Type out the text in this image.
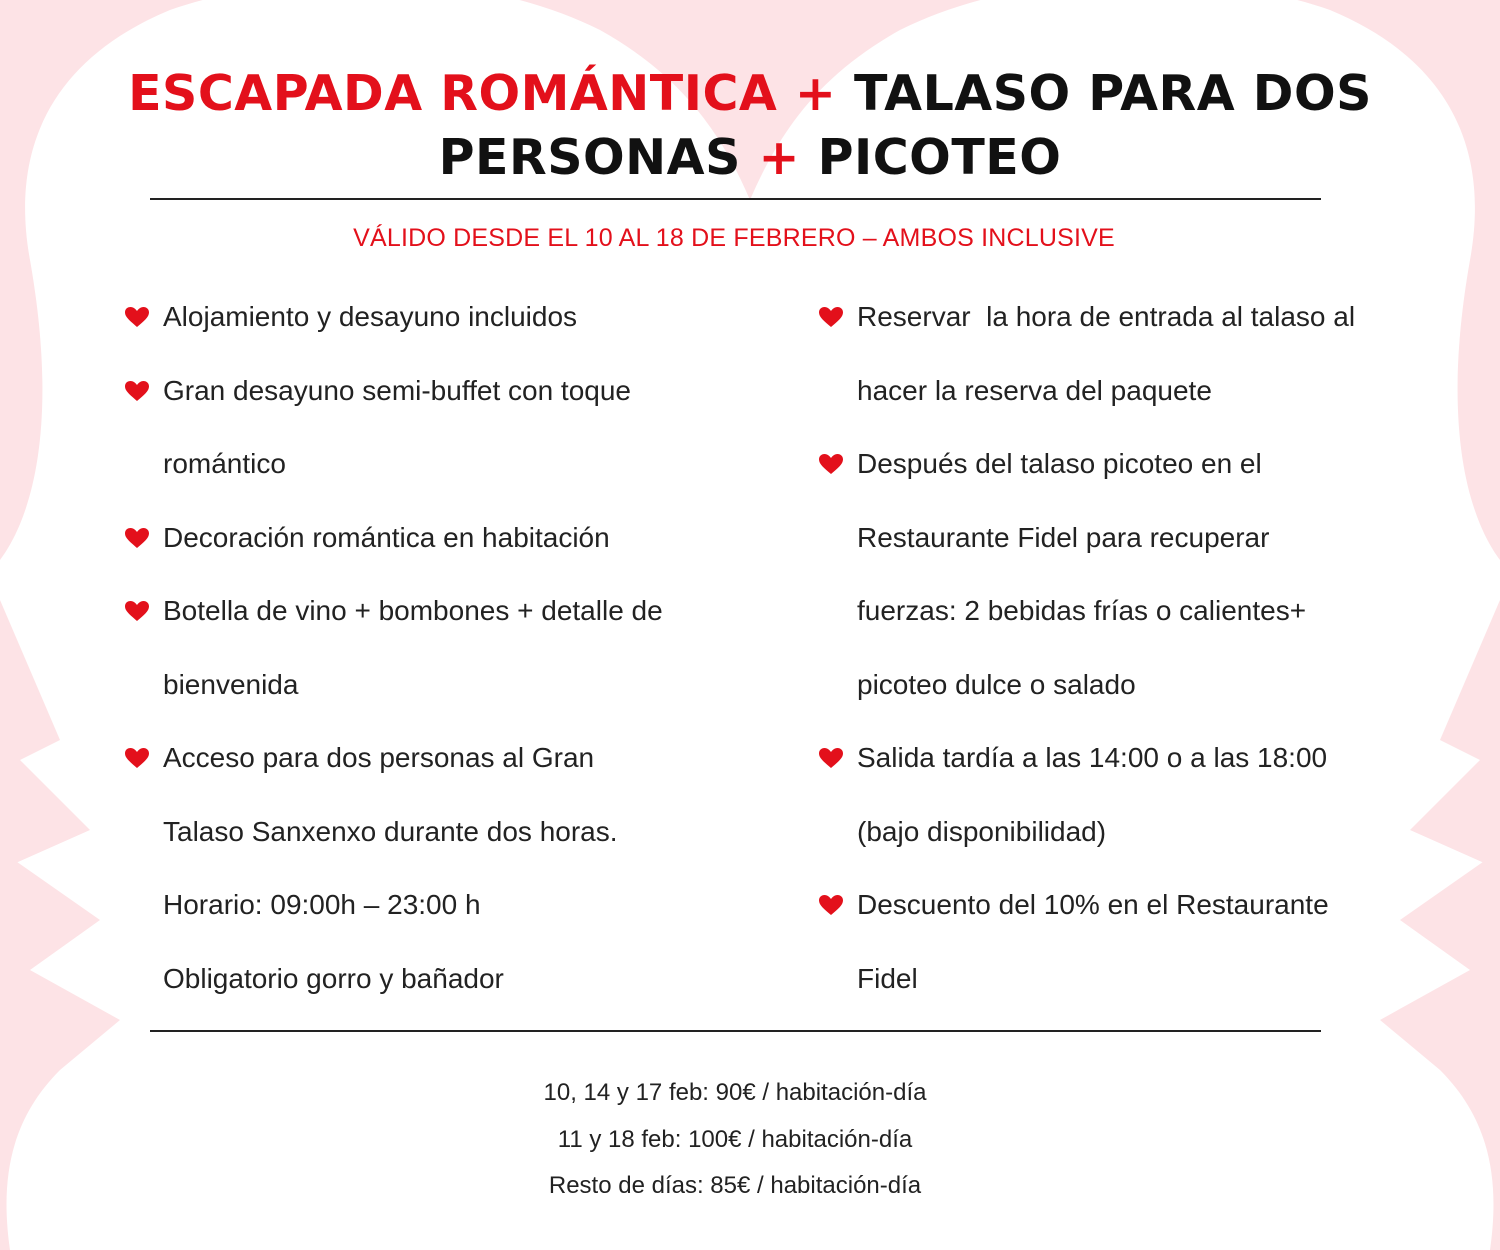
ESCAPADA ROMÁNTICA + TALASO PARA DOS
PERSONAS + PICOTEO
VÁLIDO DESDE EL 10 AL 18 DE FEBRERO – AMBOS INCLUSIVE
Alojamiento y desayuno incluidos
Gran desayuno semi-buffet con toque
romántico
Decoración romántica en habitación
Botella de vino + bombones + detalle de
bienvenida
Acceso para dos personas al Gran
Talaso Sanxenxo durante dos horas.
Horario: 09:00h – 23:00 h
Obligatorio gorro y bañador
Reservar  la hora de entrada al talaso al
hacer la reserva del paquete
Después del talaso picoteo en el
Restaurante Fidel para recuperar
fuerzas: 2 bebidas frías o calientes+
picoteo dulce o salado
Salida tardía a las 14:00 o a las 18:00
(bajo disponibilidad)
Descuento del 10% en el Restaurante
Fidel
10, 14 y 17 feb: 90€ / habitación-día
11 y 18 feb: 100€ / habitación-día
Resto de días: 85€ / habitación-día
